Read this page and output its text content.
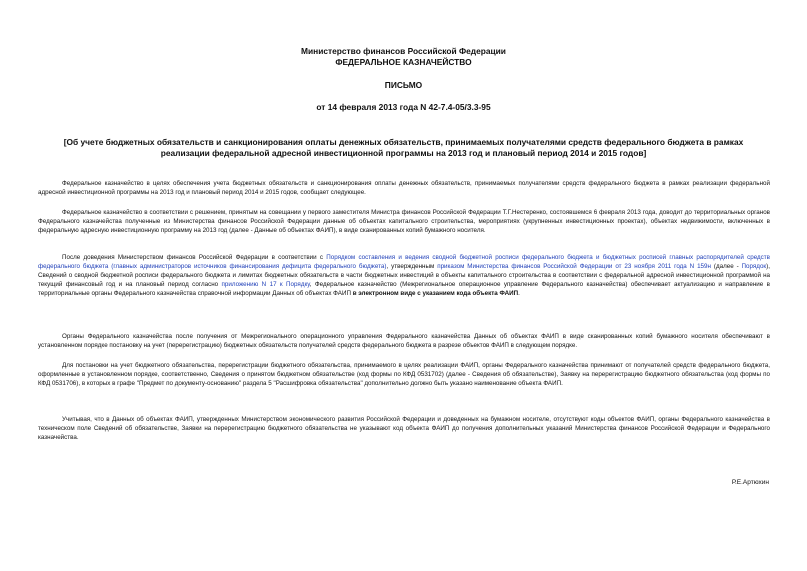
Министерство финансов Российской Федерации
ФЕДЕРАЛЬНОЕ КАЗНАЧЕЙСТВО
ПИСЬМО
от 14 февраля 2013 года N 42-7.4-05/3.3-95
[Об учете бюджетных обязательств и санкционирования оплаты денежных обязательств, принимаемых получателями средств федерального бюджета в рамках реализации федеральной адресной инвестиционной программы на 2013 год и плановый период 2014 и 2015 годов]

Федеральное казначейство в целях обеспечения учета бюджетных обязательств и санкционирования оплаты денежных обязательств, принимаемых получателями средств федерального бюджета в рамках реализации федеральной адресной инвестиционной программы на 2013 год и плановый период 2014 и 2015 годов, сообщает следующее.

Федеральное казначейство в соответствии с решением, принятым на совещании у первого заместителя Министра финансов Российской Федерации Т.Г.Нестеренко, состоявшемся 6 февраля 2013 года, доводит до территориальных органов Федерального казначейства полученные из Министерства финансов Российской Федерации данные об объектах капитального строительства, мероприятиях (укрупненных инвестиционных проектах), объектах недвижимости, включенных в федеральную адресную инвестиционную программу на 2013 год (далее - Данные об объектах ФАИП), в виде сканированных копий бумажного носителя.

После доведения Министерством финансов Российской Федерации в соответствии с Порядком составления и ведения сводной бюджетной росписи федерального бюджета и бюджетных росписей главных распорядителей средств федерального бюджета (главных администраторов источников финансирования дефицита федерального бюджета), утвержденным приказом Министерства финансов Российской Федерации от 23 ноября 2011 года N 159н (далее - Порядок), Сведений о сводной бюджетной росписи федерального бюджета и лимитах бюджетных обязательств в части бюджетных инвестиций в объекты капитального строительства в соответствии с федеральной адресной инвестиционной программой на текущий финансовый год и на плановый период согласно приложению N 17 к Порядку, Федеральное казначейство (Межрегиональное операционное управление Федерального казначейства) обеспечивает актуализацию и направление в территориальные органы Федерального казначейства справочной информации Данных об объектах ФАИП в электронном виде с указанием кода объекта ФАИП.

Органы Федерального казначейства после получения от Межрегионального операционного управления Федерального казначейства Данных об объектах ФАИП в виде сканированных копий бумажного носителя обеспечивают в установленном порядке постановку на учет (перерегистрацию) бюджетных обязательств получателей средств федерального бюджета в разрезе объектов ФАИП в следующем порядке.

Для постановки на учет бюджетного обязательства, перерегистрации бюджетного обязательства, принимаемого в целях реализации ФАИП, органы Федерального казначейства принимают от получателей средств федерального бюджета, оформленные в установленном порядке, соответственно, Сведения о принятом бюджетном обязательстве (код формы по КФД 0531702) (далее - Сведения об обязательстве), Заявку на перерегистрацию бюджетного обязательства (код формы по КФД 0531706), в которых в графе "Предмет по документу-основанию" раздела 5 "Расшифровка обязательства" дополнительно должно быть указано наименование объекта ФАИП.

Учитывая, что в Данных об объектах ФАИП, утвержденных Министерством экономического развития Российской Федерации и доведенных на бумажном носителе, отсутствуют коды объектов ФАИП, органы Федерального казначейства в техническом поле Сведений об обязательстве, Заявки на перерегистрацию бюджетного обязательства не указывают код объекта ФАИП до получения дополнительных указаний Министерства финансов Российской Федерации и Федерального казначейства.

Р.Е.Артюхин
